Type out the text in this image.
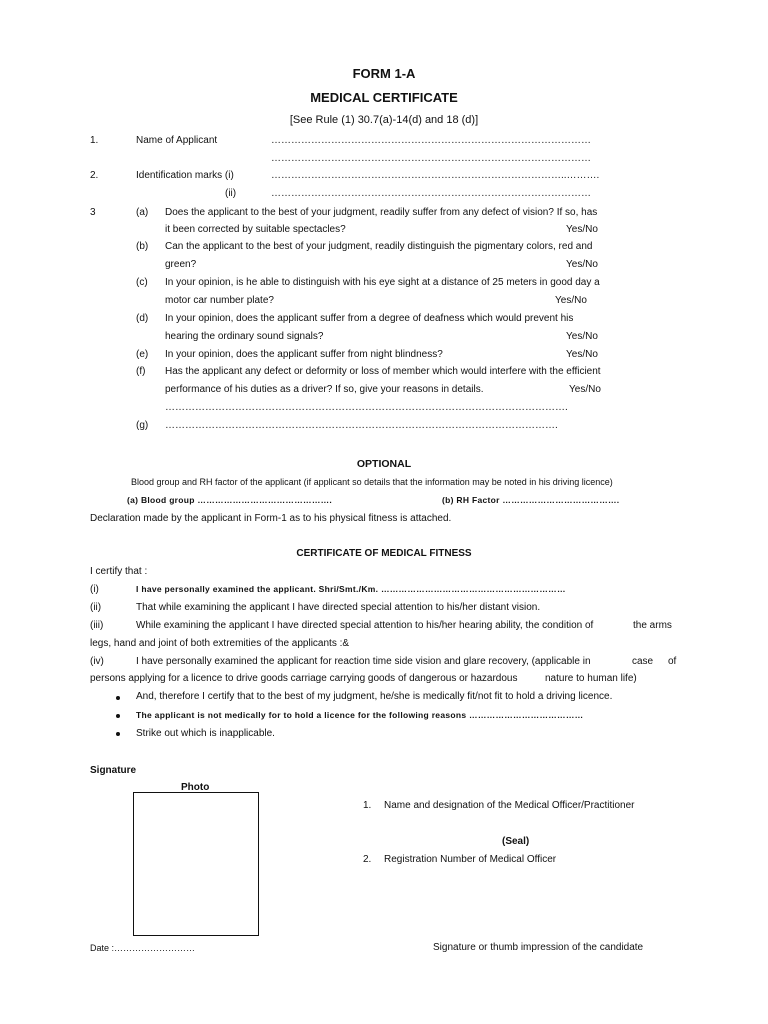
FORM 1-A
MEDICAL CERTIFICATE
[See Rule (1) 30.7(a)-14(d) and 18 (d)]
1.	Name of Applicant	……………………………………………………………………………………
……………………………………………………………………………………
2.	Identification marks (i)	……………………………………………………………………………..……….
(ii)	……………………………………………………………………………………
3	(a) Does the applicant to the best of your judgment, readily suffer from any defect of vision? If so, has
it been corrected by suitable spectacles?	Yes/No
(b) Can the applicant to the best of your judgment, readily distinguish the pigmentary colors, red and
green?	Yes/No
(c) In your opinion, is he able to distinguish with his eye sight at a distance of 25 meters in good day a
motor car number plate?	Yes/No
(d) In your opinion, does the applicant suffer from a degree of deafness which would prevent his
hearing the ordinary sound signals?	Yes/No
(e) In your opinion, does the applicant suffer from night blindness?	Yes/No
(f) Has the applicant any defect or deformity or loss of member which would interfere with the efficient
performance of his duties as a driver? If so, give your reasons in details.	Yes/No
………………………………………………………………………………………………………….
(g) ……………………………………………………………………………………………………….
OPTIONAL
Blood group and RH factor of the applicant (if applicant so details that the information may be noted in his driving licence)
(a) Blood group ……………………………………….	(b) RH Factor ………………………………….
Declaration made by the applicant in Form-1 as to his physical fitness is attached.
CERTIFICATE OF MEDICAL FITNESS
I certify that :
(i)	I have personally examined the applicant. Shri/Smt./Km. ………………………………………………………
(ii)	That while examining the applicant I have directed special attention to his/her distant vision.
(iii)	While examining the applicant I have directed special attention to his/her hearing ability, the condition of	the arms
legs, hand and joint of both extremities of the applicants :&
(iv)	I have personally examined the applicant for reaction time side vision and glare recovery, (applicable in	case of
persons applying for a licence to drive goods carriage carrying goods of dangerous or hazardous	nature to human life)
And, therefore I certify that to the best of my judgment, he/she is medically fit/not fit to hold a driving licence.
The applicant is not medically for to hold a licence for the following reasons …………………………………
Strike out which is inapplicable.
Signature
Photo
1. Name and designation of the Medical Officer/Practitioner
(Seal)
2. Registration Number of Medical Officer
Date :………………………	Signature or thumb impression of the candidate
